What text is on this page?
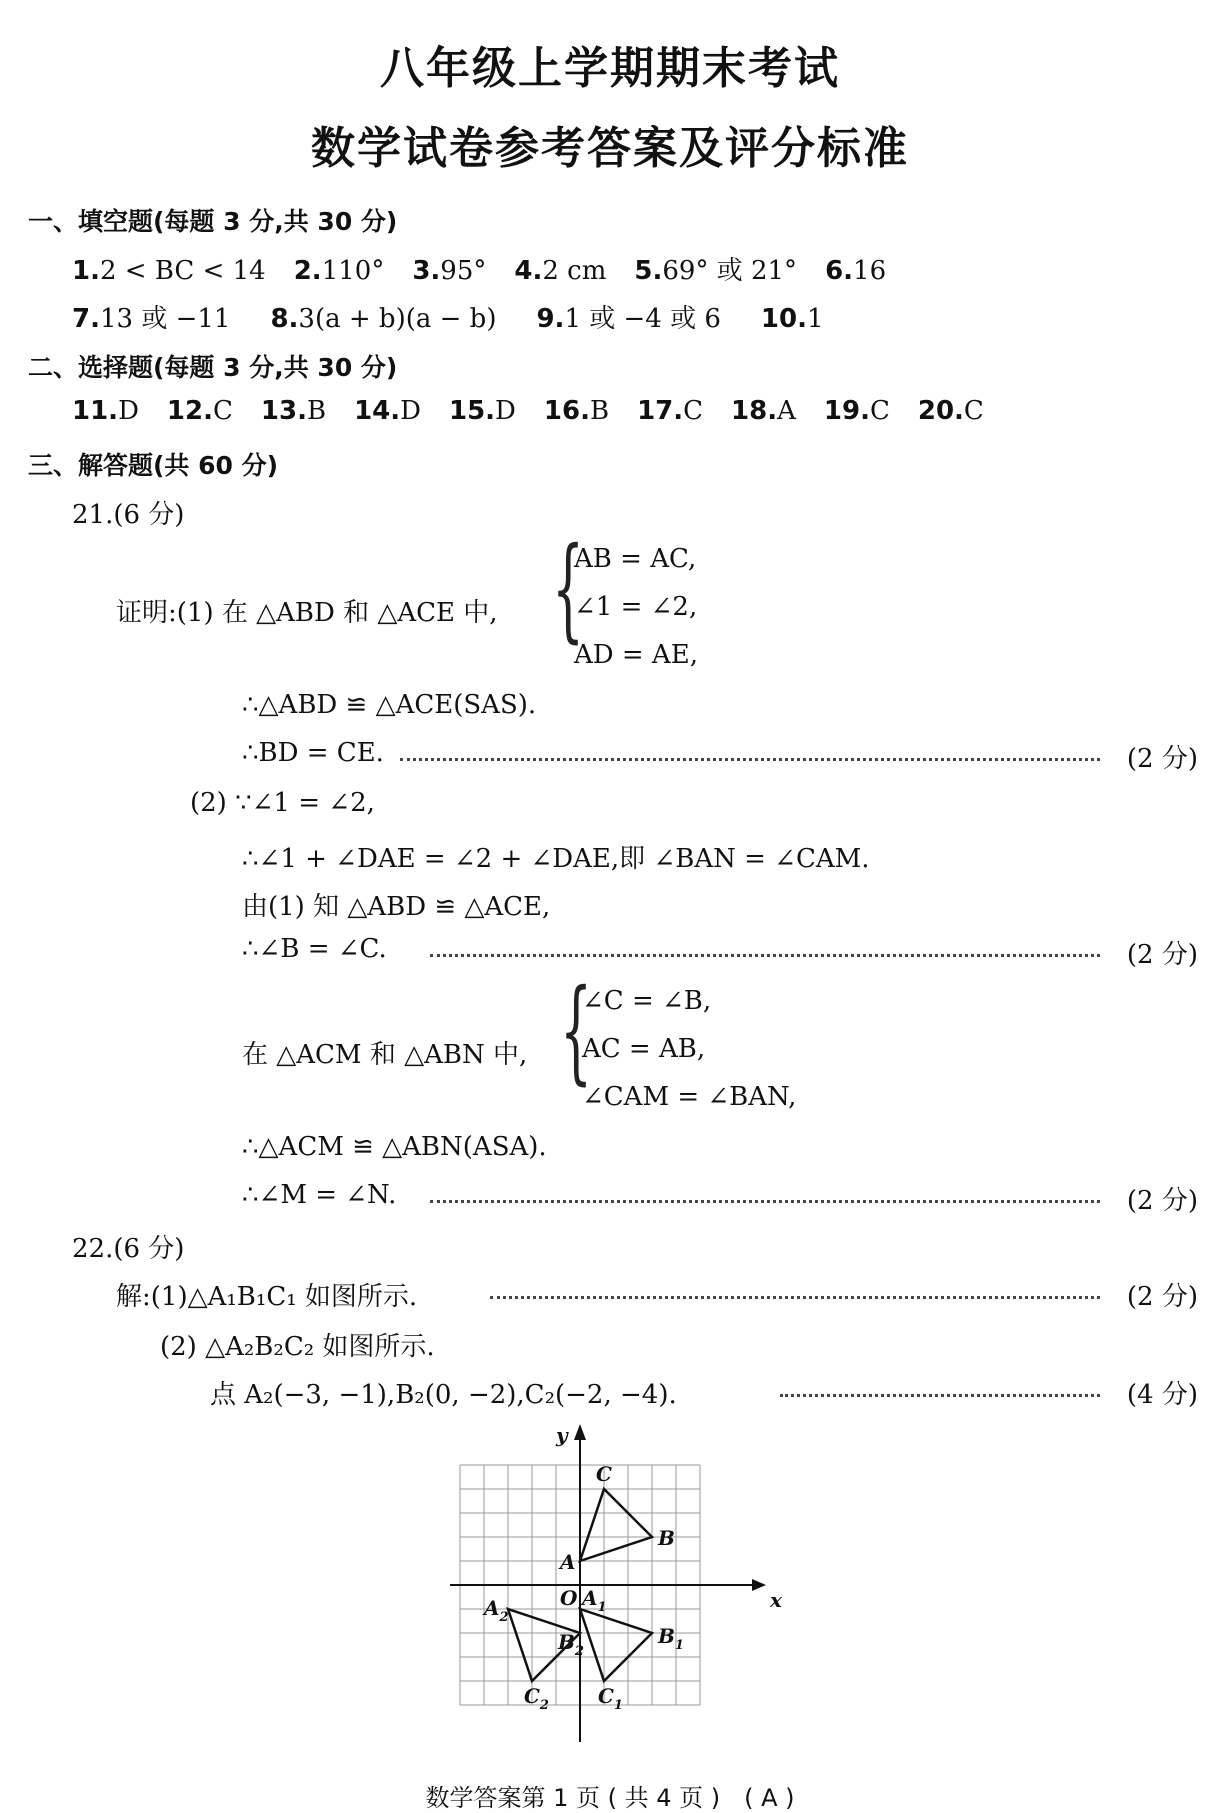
八年级上学期期末考试
数学试卷参考答案及评分标准
一、填空题(每题 3 分,共 30 分)
1.2 < BC < 14 2.110° 3.95° 4.2 cm 5.69° 或 21° 6.16
7.13 或 −11 8.3(a + b)(a − b) 9.1 或 −4 或 6 10.1
二、选择题(每题 3 分,共 30 分)
11.D 12.C 13.B 14.D 15.D 16.B 17.C 18.A 19.C 20.C
三、解答题(共 60 分)
21.(6 分)
证明:(1) 在 △ABD 和 △ACE 中, {
AB = AC,
∠1 = ∠2,
AD = AE,
∴△ABD ≌ △ACE(SAS).
∴BD = CE.	(2 分)
(2) ∵∠1 = ∠2,
∴∠1 + ∠DAE = ∠2 + ∠DAE,即 ∠BAN = ∠CAM.
由(1) 知 △ABD ≌ △ACE,
∴∠B = ∠C.	(2 分)
在 △ACM 和 △ABN 中, {
∠C = ∠B,
AC = AB,
∠CAM = ∠BAN,
∴△ACM ≌ △ABN(ASA).
∴∠M = ∠N.	(2 分)
22.(6 分)
解:(1)△A₁B₁C₁ 如图所示.	(2 分)
(2) △A₂B₂C₂ 如图所示.
点 A₂(−3, −1),B₂(0, −2),C₂(−2, −4).	(4 分)
x
y
O
A
B
C
$A_1$
$B_1$
$C_1$
$A_2$
$B_2$
$C_2$
数学答案第 1 页 ( 共 4 页 )　( A )
